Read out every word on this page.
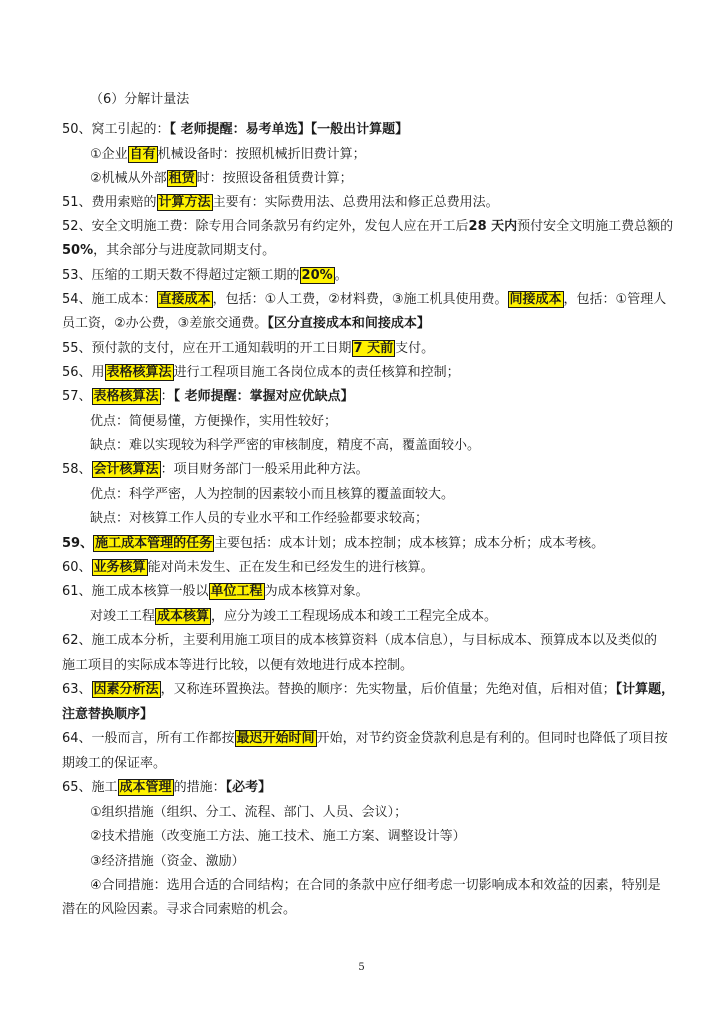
5
（6）分解计量法
50、窝工引起的：【 老师提醒：易考单选】【一般出计算题】
①企业 自有 机械设备时：按照机械折旧费计算；
②机械从外部 租赁 时：按照设备租赁费计算；
51、费用索赔的 计算方法 主要有：实际费用法、总费用法和修正总费用法。
52、安全文明施工费：除专用合同条款另有约定外，发包人应在开工后28 天内预付安全文明施工费总额的
50%，其余部分与进度款同期支付。
53、压缩的工期天数不得超过定额工期的 20% 。
54、施工成本： 直接成本 ，包括：①人工费，②材料费，③施工机具使用费。 间接成本 ，包括：①管理人
员工资，②办公费，③差旅交通费。【区分直接成本和间接成本】
55、预付款的支付，应在开工通知载明的开工日期 7 天前 支付。
56、用 表格核算法 进行工程项目施工各岗位成本的责任核算和控制；
57、 表格核算法 ：【 老师提醒：掌握对应优缺点】
优点：简便易懂，方便操作，实用性较好；
缺点：难以实现较为科学严密的审核制度，精度不高，覆盖面较小。
58、 会计核算法 ：项目财务部门一般采用此种方法。
优点：科学严密，人为控制的因素较小而且核算的覆盖面较大。
缺点：对核算工作人员的专业水平和工作经验都要求较高；
59、 施工成本管理的任务 主要包括：成本计划；成本控制；成本核算；成本分析；成本考核。
60、 业务核算 能对尚未发生、正在发生和已经发生的进行核算。
61、施工成本核算一般以 单位工程 为成本核算对象。
对竣工工程 成本核算 ，应分为竣工工程现场成本和竣工工程完全成本。
62、施工成本分析，主要利用施工项目的成本核算资料（成本信息），与目标成本、预算成本以及类似的
施工项目的实际成本等进行比较，以便有效地进行成本控制。
63、 因素分析法 ，又称连环置换法。替换的顺序：先实物量，后价值量；先绝对值，后相对值；【计算题，
注意替换顺序】
64、一般而言，所有工作都按 最迟开始时间 开始，对节约资金贷款利息是有利的。但同时也降低了项目按
期竣工的保证率。
65、施工 成本管理 的措施：【必考】
①组织措施（组织、分工、流程、部门、人员、会议）；
②技术措施（改变施工方法、施工技术、施工方案、调整设计等）
③经济措施（资金、激励）
④合同措施：选用合适的合同结构；在合同的条款中应仔细考虑一切影响成本和效益的因素，特别是
潜在的风险因素。寻求合同索赔的机会。
